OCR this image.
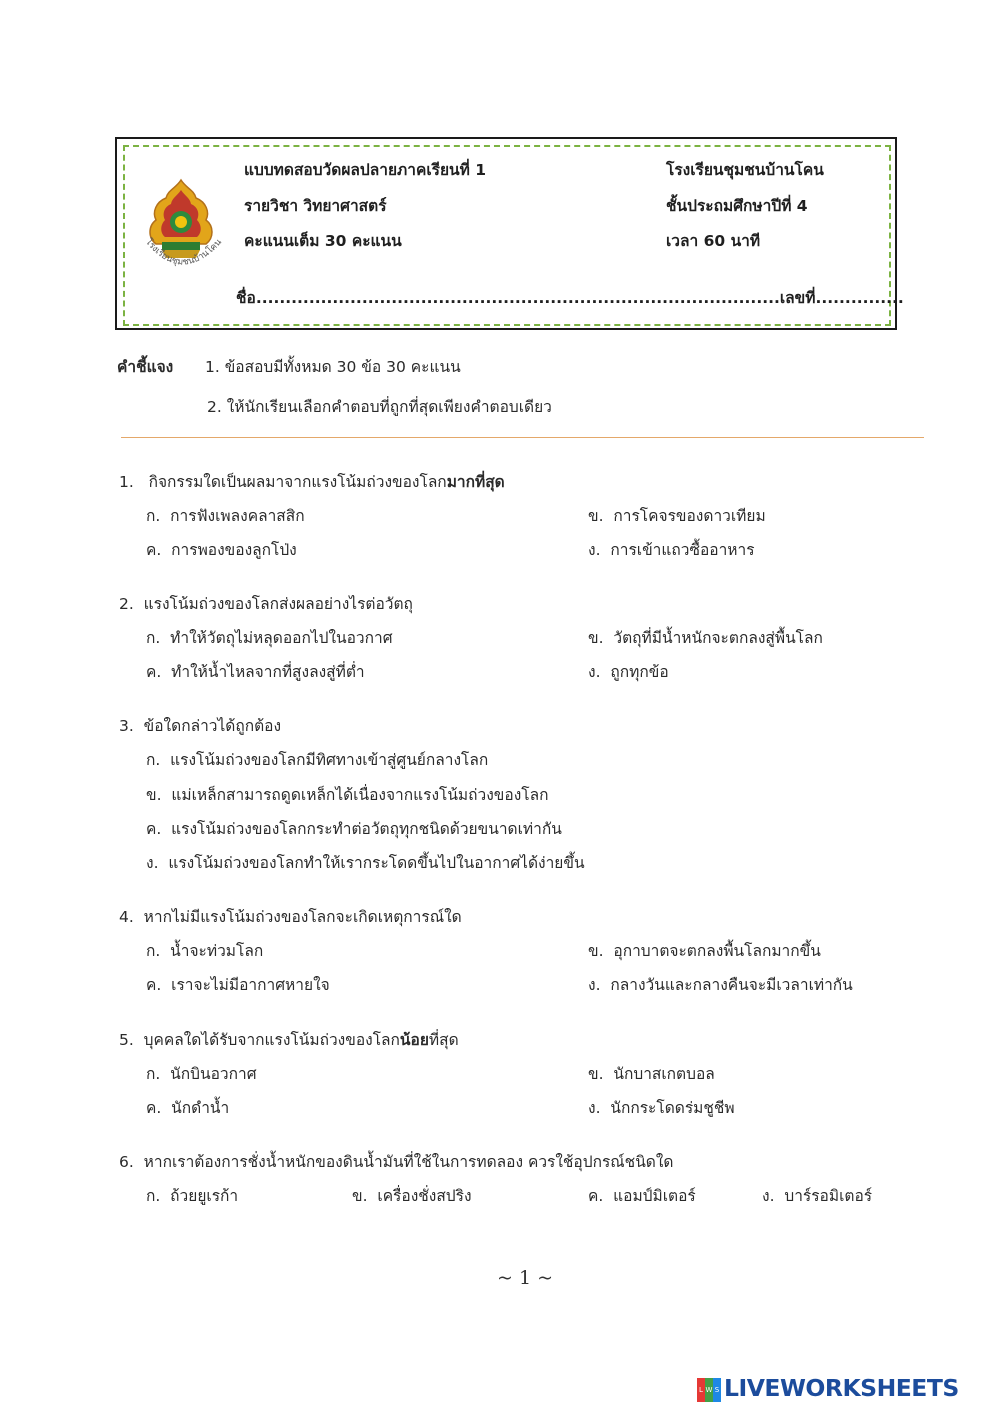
โรงเรียนชุมชนบ้านโคน
แบบทดสอบวัดผลปลายภาคเรียนที่ 1	โรงเรียนชุมชนบ้านโคน
รายวิชา วิทยาศาสตร์	ชั้นประถมศึกษาปีที่ 4
คะแนนเต็ม 30 คะแนน	เวลา 60 นาที
ชื่อ.........................................................................................เลขที่...............
คำชี้แจง 1. ข้อสอบมีทั้งหมด 30 ข้อ 30 คะแนน
2. ให้นักเรียนเลือกคำตอบที่ถูกที่สุดเพียงคำตอบเดียว
1. กิจกรรมใดเป็นผลมาจากแรงโน้มถ่วงของโลกมากที่สุด
ก. การฟังเพลงคลาสสิก	ข. การโคจรของดาวเทียม
ค. การพองของลูกโป่ง	ง. การเข้าแถวซื้ออาหาร
2. แรงโน้มถ่วงของโลกส่งผลอย่างไรต่อวัตถุ
ก. ทำให้วัตถุไม่หลุดออกไปในอวกาศ	ข. วัตถุที่มีน้ำหนักจะตกลงสู่พื้นโลก
ค. ทำให้น้ำไหลจากที่สูงลงสู่ที่ต่ำ	ง. ถูกทุกข้อ
3. ข้อใดกล่าวได้ถูกต้อง
ก. แรงโน้มถ่วงของโลกมีทิศทางเข้าสู่ศูนย์กลางโลก
ข. แม่เหล็กสามารถดูดเหล็กได้เนื่องจากแรงโน้มถ่วงของโลก
ค. แรงโน้มถ่วงของโลกกระทำต่อวัตถุทุกชนิดด้วยขนาดเท่ากัน
ง. แรงโน้มถ่วงของโลกทำให้เรากระโดดขึ้นไปในอากาศได้ง่ายขึ้น
4. หากไม่มีแรงโน้มถ่วงของโลกจะเกิดเหตุการณ์ใด
ก. น้ำจะท่วมโลก	ข. อุกาบาตจะตกลงพื้นโลกมากขึ้น
ค. เราจะไม่มีอากาศหายใจ	ง. กลางวันและกลางคืนจะมีเวลาเท่ากัน
5. บุคคลใดได้รับจากแรงโน้มถ่วงของโลกน้อยที่สุด
ก. นักบินอวกาศ	ข. นักบาสเกตบอล
ค. นักดำน้ำ	ง. นักกระโดดร่มชูชีพ
6. หากเราต้องการชั่งน้ำหนักของดินน้ำมันที่ใช้ในการทดลอง ควรใช้อุปกรณ์ชนิดใด
ก. ถ้วยยูเรก้า	ข. เครื่องชั่งสปริง	ค. แอมป์มิเตอร์	ง. บาร์รอมิเตอร์
~ 1 ~
L W S LIVEWORKSHEETS
